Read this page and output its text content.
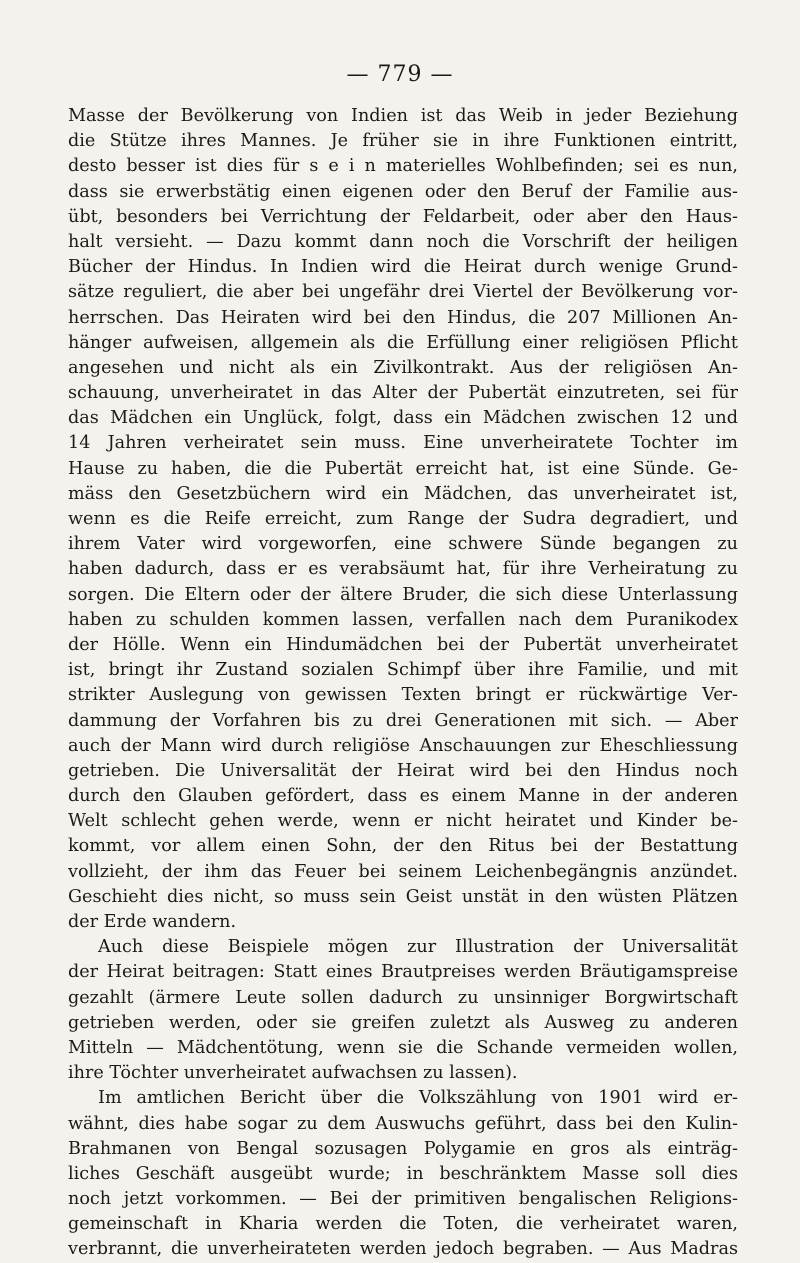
— 779 —
Masse der Bevölkerung von Indien ist das Weib in jeder Beziehung
die Stütze ihres Mannes. Je früher sie in ihre Funktionen eintritt,
desto besser ist dies für s e i n materielles Wohlbefinden; sei es nun,
dass sie erwerbstätig einen eigenen oder den Beruf der Familie aus-
übt, besonders bei Verrichtung der Feldarbeit, oder aber den Haus-
halt versieht. — Dazu kommt dann noch die Vorschrift der heiligen
Bücher der Hindus. In Indien wird die Heirat durch wenige Grund-
sätze reguliert, die aber bei ungefähr drei Viertel der Bevölkerung vor-
herrschen. Das Heiraten wird bei den Hindus, die 207 Millionen An-
hänger aufweisen, allgemein als die Erfüllung einer religiösen Pflicht
angesehen und nicht als ein Zivilkontrakt. Aus der religiösen An-
schauung, unverheiratet in das Alter der Pubertät einzutreten, sei für
das Mädchen ein Unglück, folgt, dass ein Mädchen zwischen 12 und
14 Jahren verheiratet sein muss. Eine unverheiratete Tochter im
Hause zu haben, die die Pubertät erreicht hat, ist eine Sünde. Ge-
mäss den Gesetzbüchern wird ein Mädchen, das unverheiratet ist,
wenn es die Reife erreicht, zum Range der Sudra degradiert, und
ihrem Vater wird vorgeworfen, eine schwere Sünde begangen zu
haben dadurch, dass er es verabsäumt hat, für ihre Verheiratung zu
sorgen. Die Eltern oder der ältere Bruder, die sich diese Unterlassung
haben zu schulden kommen lassen, verfallen nach dem Puranikodex
der Hölle. Wenn ein Hindumädchen bei der Pubertät unverheiratet
ist, bringt ihr Zustand sozialen Schimpf über ihre Familie, und mit
strikter Auslegung von gewissen Texten bringt er rückwärtige Ver-
dammung der Vorfahren bis zu drei Generationen mit sich. — Aber
auch der Mann wird durch religiöse Anschauungen zur Eheschliessung
getrieben. Die Universalität der Heirat wird bei den Hindus noch
durch den Glauben gefördert, dass es einem Manne in der anderen
Welt schlecht gehen werde, wenn er nicht heiratet und Kinder be-
kommt, vor allem einen Sohn, der den Ritus bei der Bestattung
vollzieht, der ihm das Feuer bei seinem Leichenbegängnis anzündet.
Geschieht dies nicht, so muss sein Geist unstät in den wüsten Plätzen
der Erde wandern.
Auch diese Beispiele mögen zur Illustration der Universalität
der Heirat beitragen: Statt eines Brautpreises werden Bräutigamspreise
gezahlt (ärmere Leute sollen dadurch zu unsinniger Borgwirtschaft
getrieben werden, oder sie greifen zuletzt als Ausweg zu anderen
Mitteln — Mädchentötung, wenn sie die Schande vermeiden wollen,
ihre Töchter unverheiratet aufwachsen zu lassen).
Im amtlichen Bericht über die Volkszählung von 1901 wird er-
wähnt, dies habe sogar zu dem Auswuchs geführt, dass bei den Kulin-
Brahmanen von Bengal sozusagen Polygamie en gros als einträg-
liches Geschäft ausgeübt wurde; in beschränktem Masse soll dies
noch jetzt vorkommen. — Bei der primitiven bengalischen Religions-
gemeinschaft in Kharia werden die Toten, die verheiratet waren,
verbrannt, die unverheirateten werden jedoch begraben. — Aus Madras
